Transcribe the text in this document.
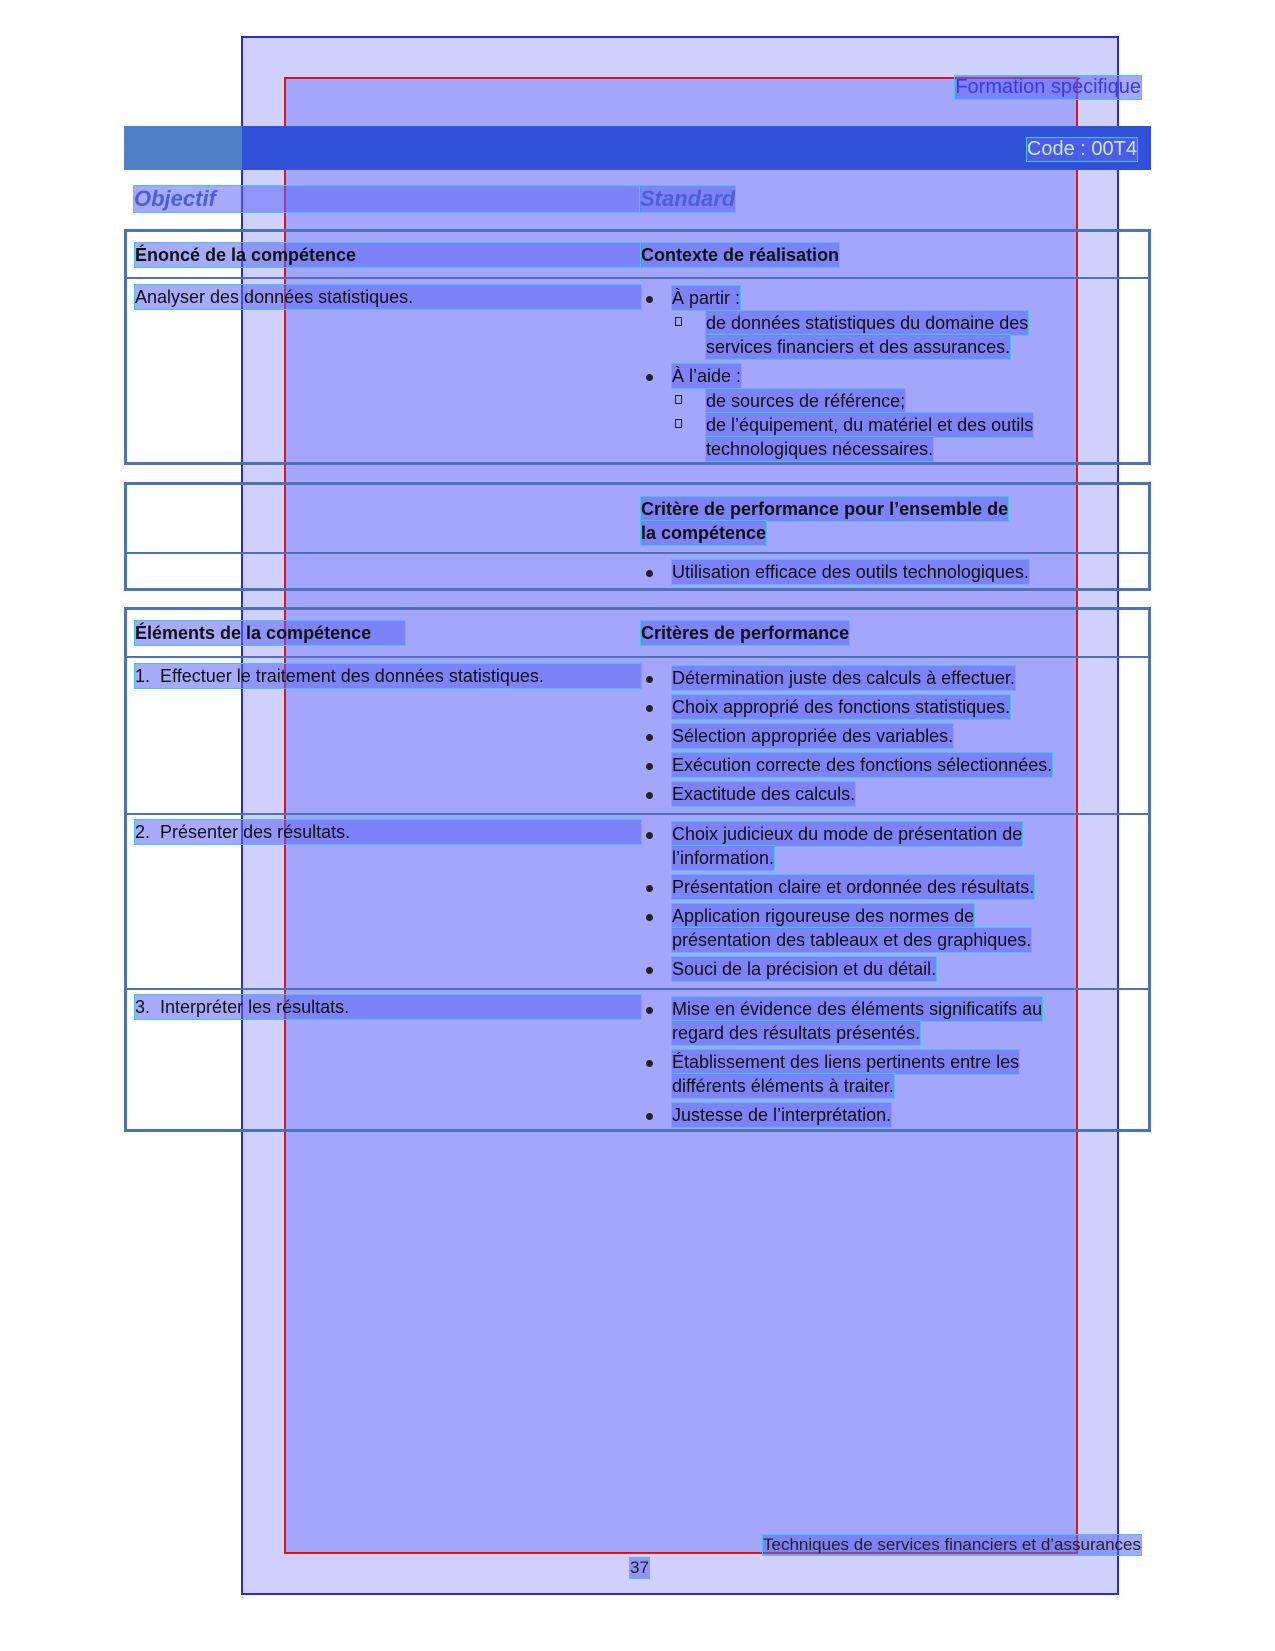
Formation spécifique
Code : 00T4
Objectif	Standard
Énoncé de la compétence	Contexte de réalisation
Analyser des données statistiques.	À partir :
de données statistiques du domaine des
services financiers et des assurances.
À l’aide :
de sources de référence;
de l’équipement, du matériel et des outils
technologiques nécessaires.
Critère de performance pour l’ensemble de
la compétence
Utilisation efficace des outils technologiques.
Éléments de la compétence	Critères de performance
1. Effectuer le traitement des données statistiques.	Détermination juste des calculs à effectuer.
Choix approprié des fonctions statistiques.
Sélection appropriée des variables.
Exécution correcte des fonctions sélectionnées.
Exactitude des calculs.
2. Présenter des résultats.	Choix judicieux du mode de présentation de
l’information.
Présentation claire et ordonnée des résultats.
Application rigoureuse des normes de
présentation des tableaux et des graphiques.
Souci de la précision et du détail.
3. Interpréter les résultats.	Mise en évidence des éléments significatifs au
regard des résultats présentés.
Établissement des liens pertinents entre les
différents éléments à traiter.
Justesse de l’interprétation.
Techniques de services financiers et d’assurances
37
